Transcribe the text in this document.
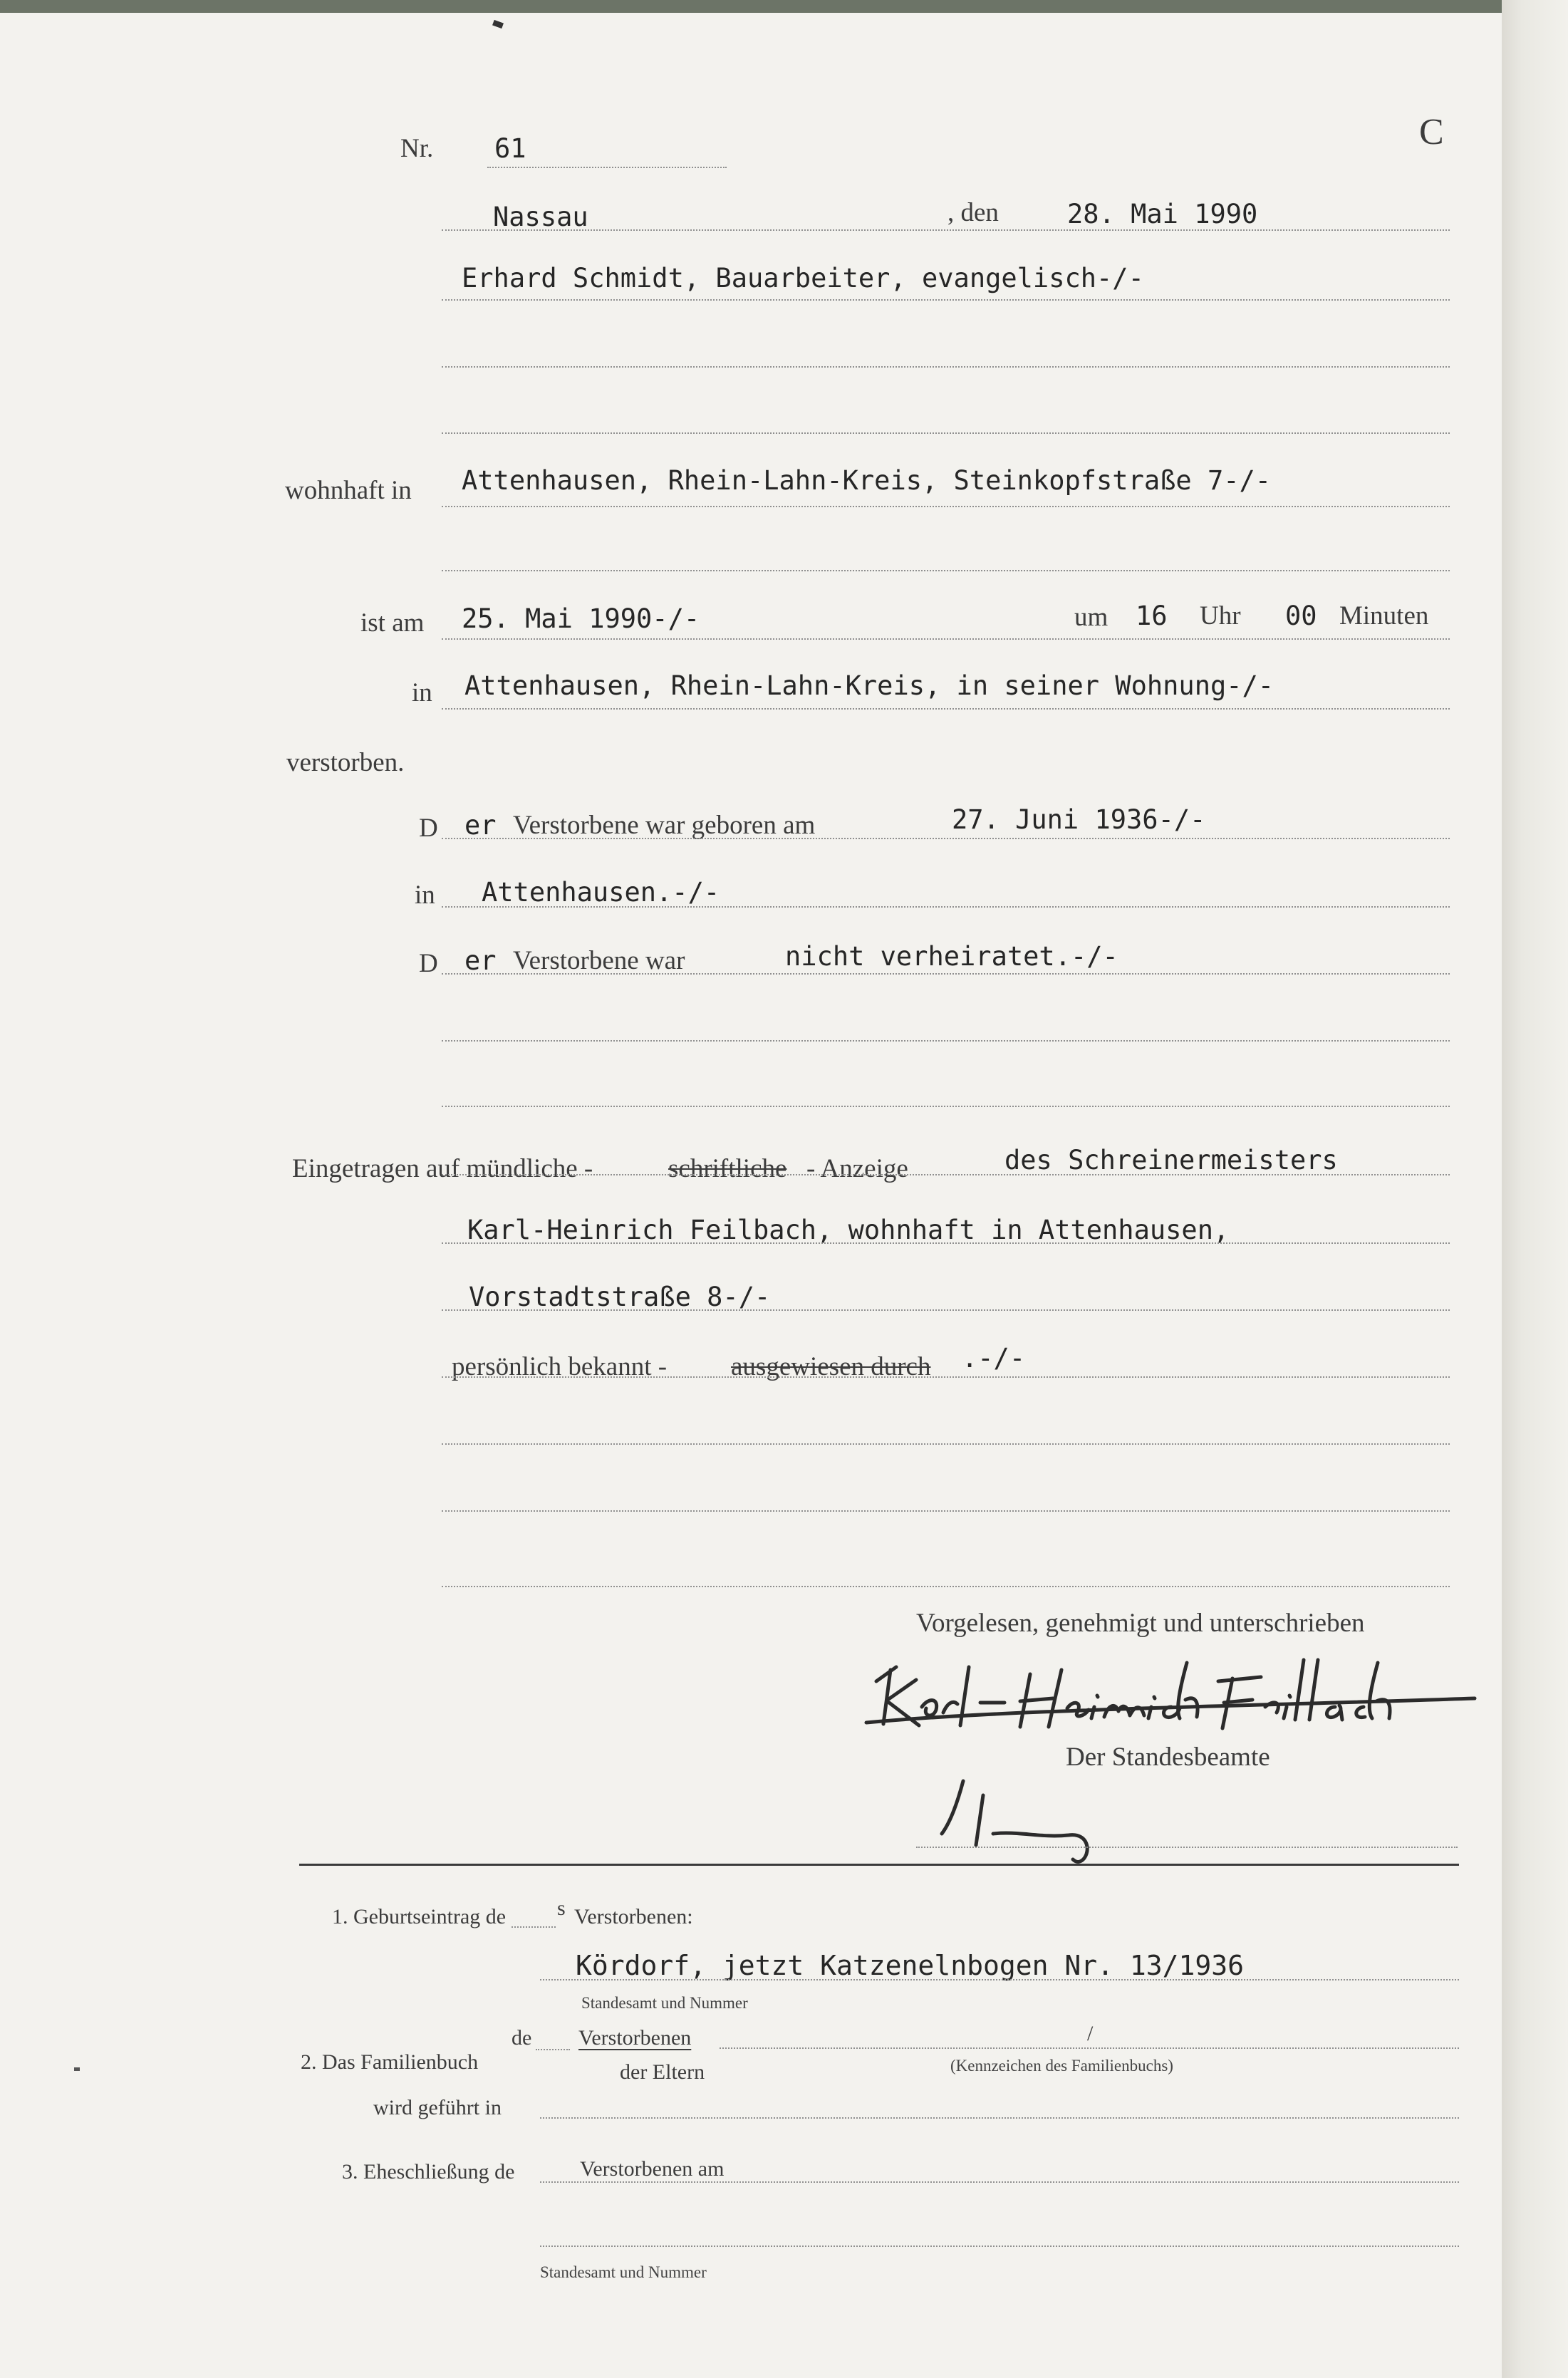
Nr. 61	C
Nassau	, den	28. Mai 1990
Erhard Schmidt, Bauarbeiter, evangelisch-/-
wohnhaft in Attenhausen, Rhein-Lahn-Kreis, Steinkopfstraße 7-/-
ist am 25. Mai 1990-/-	um 16 Uhr 00 Minuten
in Attenhausen, Rhein-Lahn-Kreis, in seiner Wohnung-/-
verstorben.
D er Verstorbene war geboren am	27. Juni 1936-/-
in Attenhausen.-/-
D er Verstorbene war	nicht verheiratet.-/-
Eingetragen auf mündliche -	schriftliche - Anzeige	des Schreinermeisters
Karl-Heinrich Feilbach, wohnhaft in Attenhausen,
Vorstadtstraße 8-/-
persönlich bekannt - ausgewiesen durch .-/-
Vorgelesen, genehmigt und unterschrieben
Der Standesbeamte
1. Geburtseintrag de s Verstorbenen:
Kördorf, jetzt Katzenelnbogen Nr. 13/1936
Standesamt und Nummer
2. Das Familienbuch
de Verstorbenen
der Eltern
/
(Kennzeichen des Familienbuchs)
wird geführt in
3. Eheschließung de	Verstorbenen am
Standesamt und Nummer
